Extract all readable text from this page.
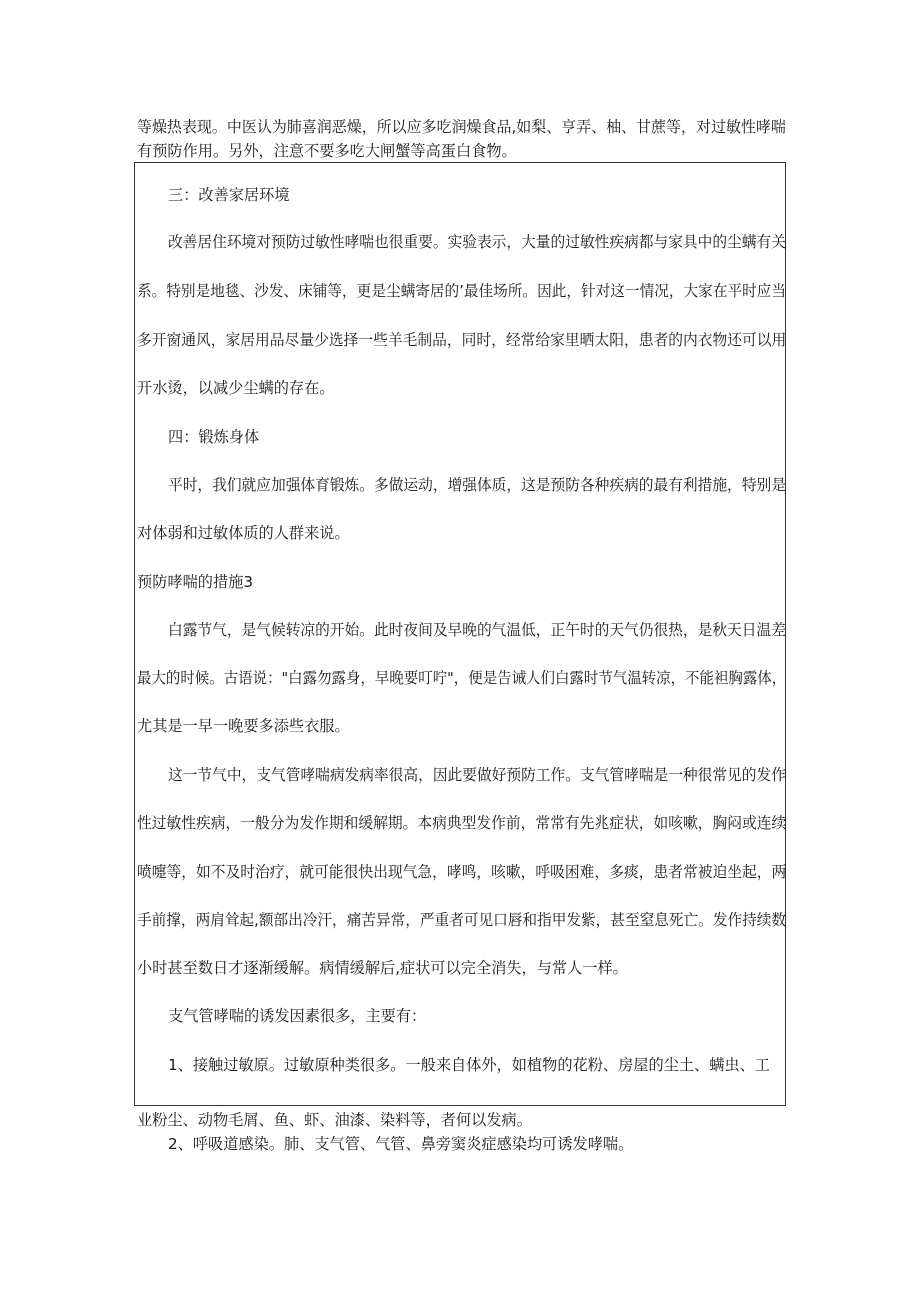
等燥热表现。中医认为肺喜润恶燥，所以应多吃润燥食品,如梨、亨弄、柚、甘蔗等，对过敏性哮喘
有预防作用。另外，注意不要多吃大闸蟹等高蛋白食物。
三：改善家居环境
改善居住环境对预防过敏性哮喘也很重要。实验表示，大量的过敏性疾病都与家具中的尘螨有关
系。特别是地毯、沙发、床铺等，更是尘螨寄居的’最佳场所。因此，针对这一情况，大家在平时应当
多开窗通风，家居用品尽量少选择一些羊毛制品，同时，经常给家里晒太阳，患者的内衣物还可以用
开水烫，以减少尘螨的存在。
四：锻炼身体
平时，我们就应加强体育锻炼。多做运动，增强体质，这是预防各种疾病的最有利措施，特别是
对体弱和过敏体质的人群来说。
预防哮喘的措施3
白露节气，是气候转凉的开始。此时夜间及早晚的气温低，正午时的天气仍很热，是秋天日温差
最大的时候。古语说："白露勿露身，早晚要叮咛"，便是告诫人们白露时节气温转凉，不能袒胸露体，
尤其是一早一晚要多添些衣服。
这一节气中，支气管哮喘病发病率很高，因此要做好预防工作。支气管哮喘是一种很常见的发作
性过敏性疾病，一般分为发作期和缓解期。本病典型发作前，常常有先兆症状，如咳嗽，胸闷或连续
喷嚏等，如不及时治疗，就可能很快出现气急，哮鸣，咳嗽，呼吸困难，多痰，患者常被迫坐起，两
手前撑，两肩耸起,额部出冷汗，痛苦异常，严重者可见口唇和指甲发紫，甚至窒息死亡。发作持续数
小时甚至数日才逐渐缓解。病情缓解后,症状可以完全消失，与常人一样。
支气管哮喘的诱发因素很多，主要有：
1、接触过敏原。过敏原种类很多。一般来自体外，如植物的花粉、房屋的尘土、螨虫、工
业粉尘、动物毛屑、鱼、虾、油漆、染料等，者何以发病。
2、呼吸道感染。肺、支气管、气管、鼻旁窦炎症感染均可诱发哮喘。
